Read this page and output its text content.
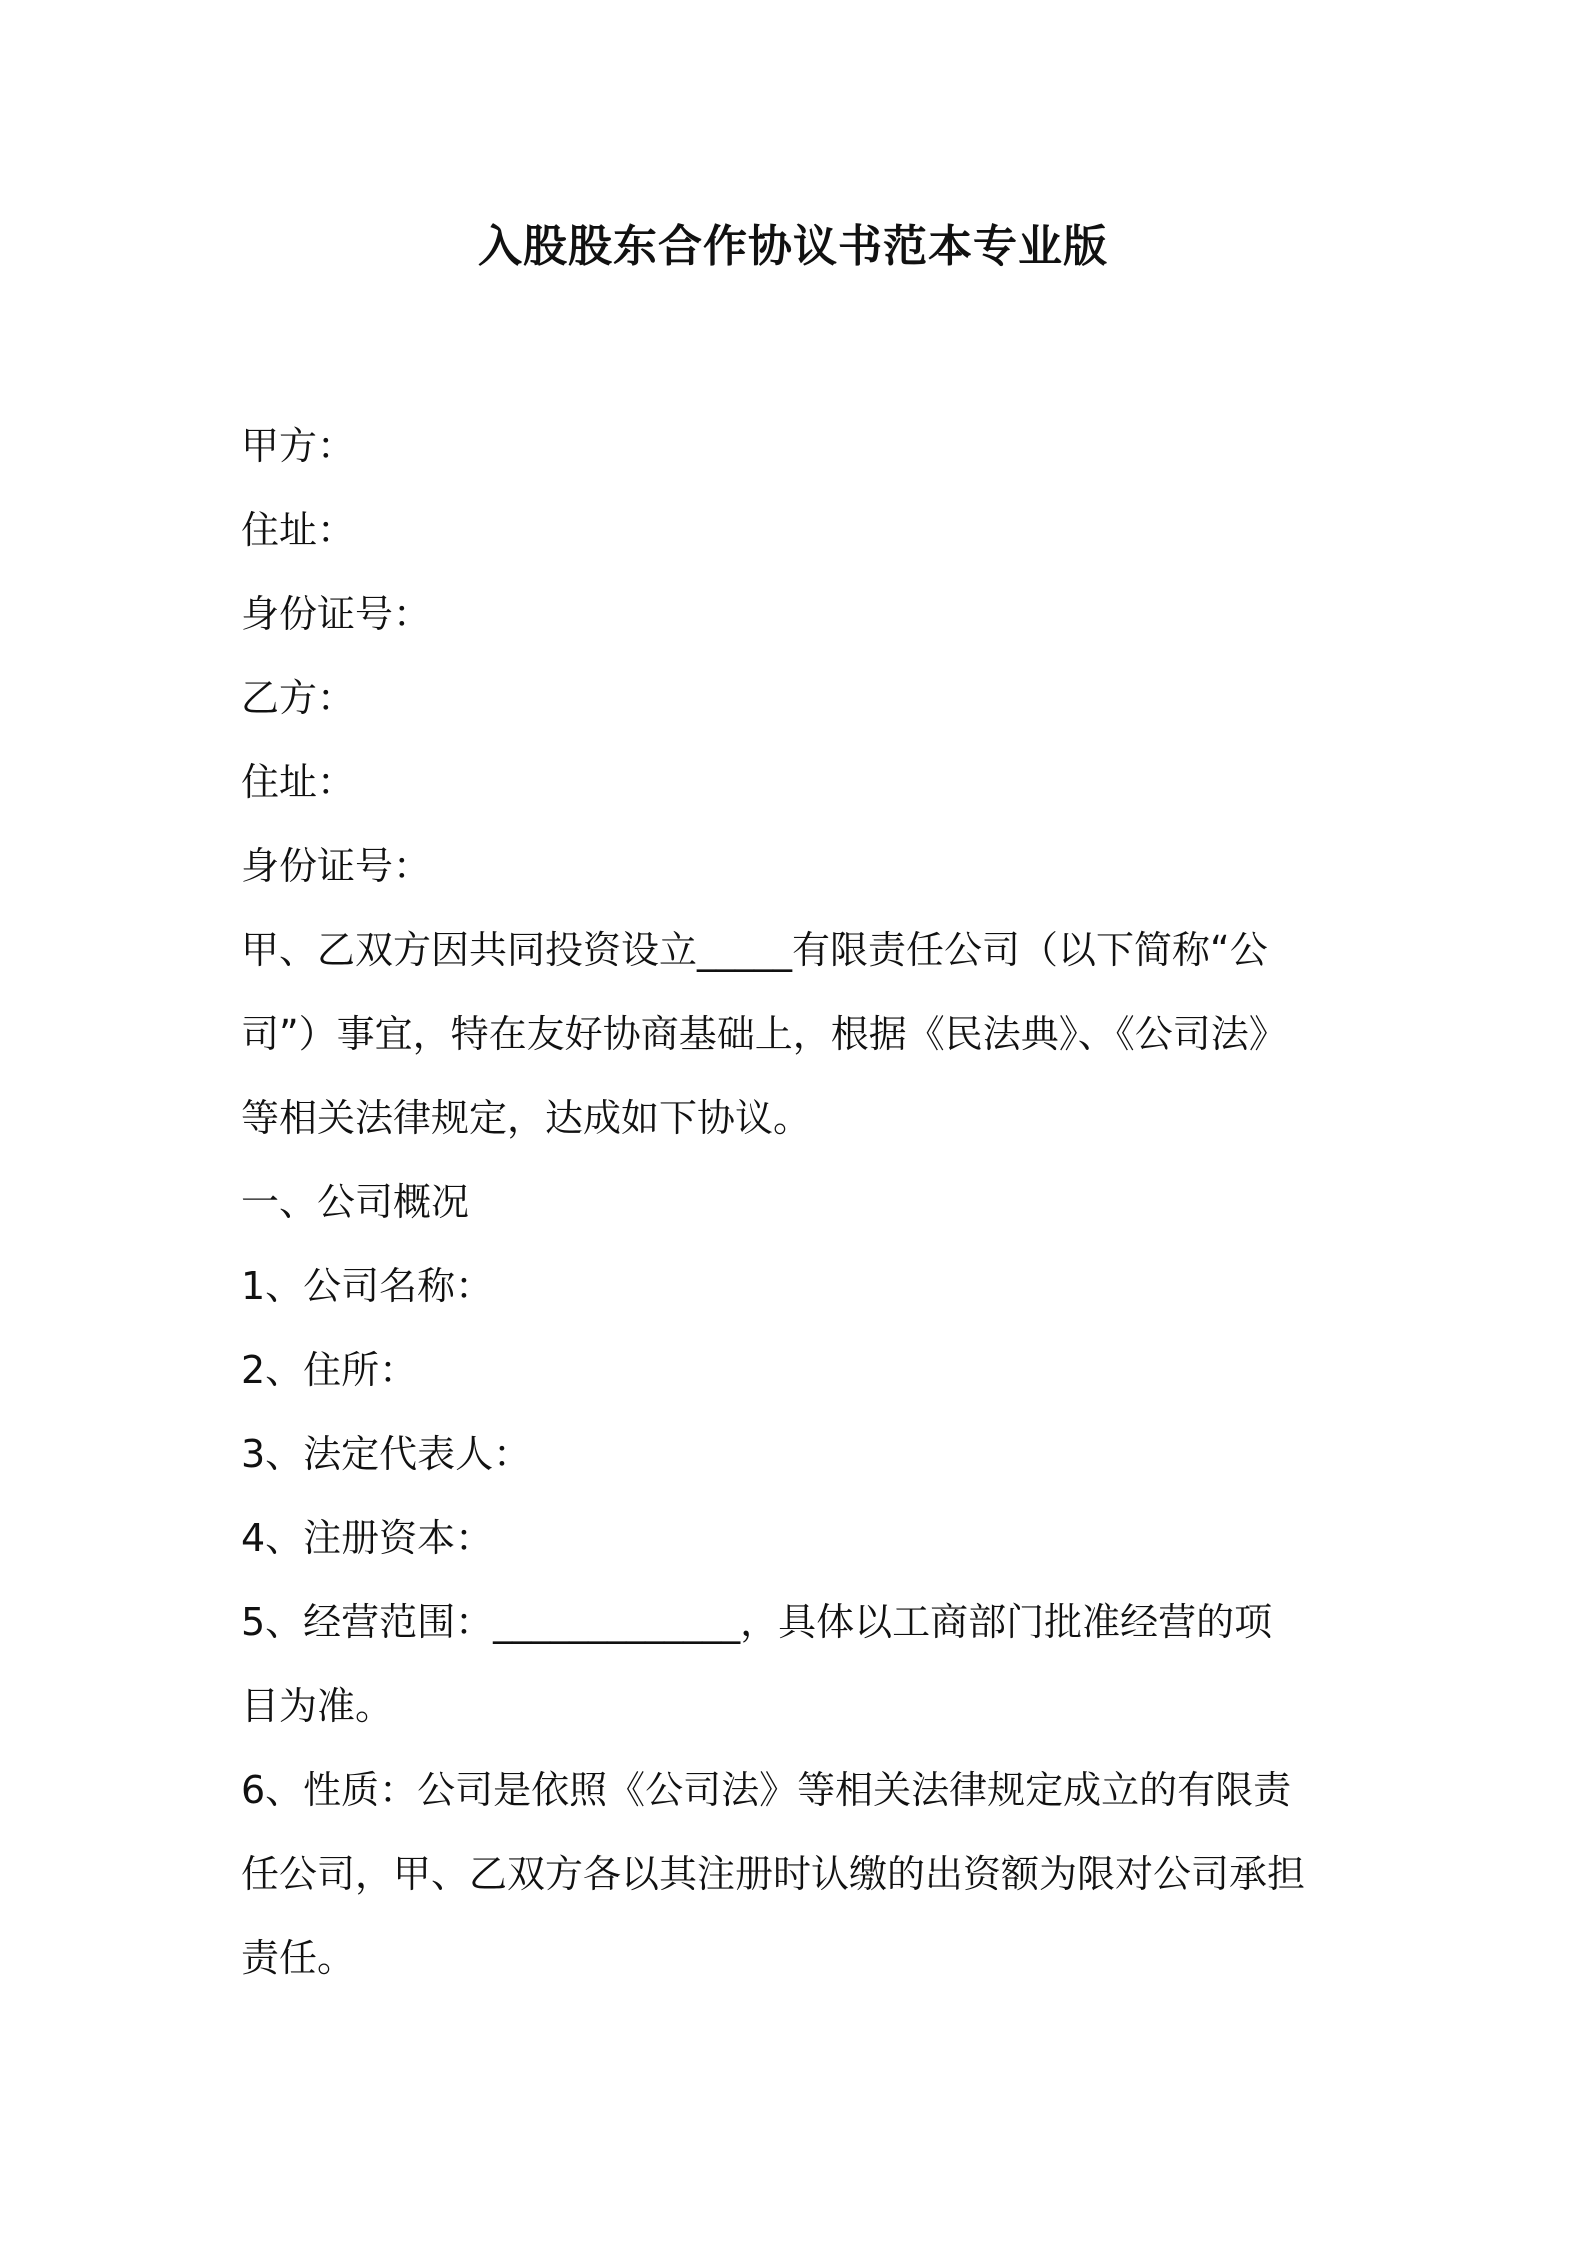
入股股东合作协议书范本专业版
甲方：
住址：
身份证号：
乙方：
住址：
身份证号：
甲、乙双方因共同投资设立_____有限责任公司（以下简称“公
司”）事宜，特在友好协商基础上，根据《民法典》、《公司法》
等相关法律规定，达成如下协议。
一、公司概况
1、公司名称：
2、住所：
3、法定代表人：
4、注册资本：
5、经营范围：_____________，具体以工商部门批准经营的项
目为准。
6、性质：公司是依照《公司法》等相关法律规定成立的有限责
任公司，甲、乙双方各以其注册时认缴的出资额为限对公司承担
责任。
